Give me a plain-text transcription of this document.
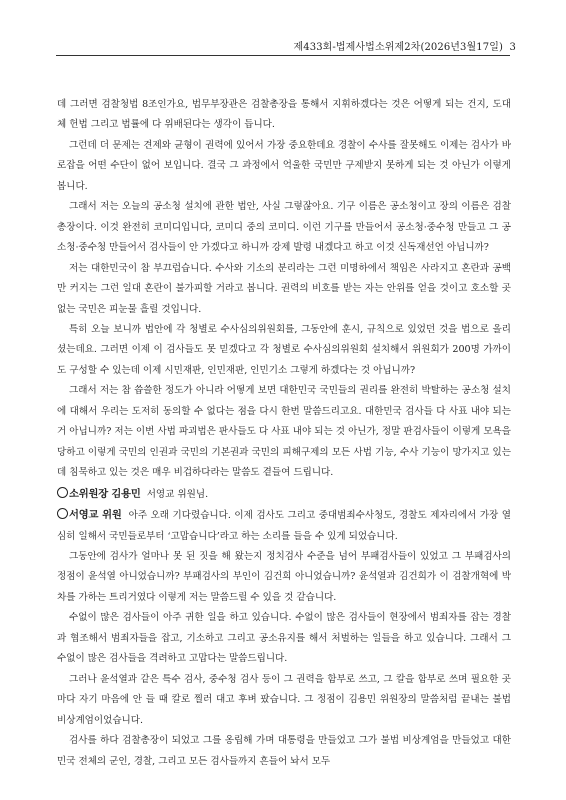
제433회-법제사법소위제2차(2026년3월17일) 3

데 그러면 검찰청법 8조인가요, 법무부장관은 검찰총장을 통해서 지휘하겠다는 것은 어떻게 되는 건지, 도대체 헌법 그리고 법률에 다 위배된다는 생각이 듭니다.

그런데 더 문제는 견제와 균형이 권력에 있어서 가장 중요한데요 경찰이 수사를 잘못해도 이제는 검사가 바로잡을 어떤 수단이 없어 보입니다. 결국 그 과정에서 억울한 국민만 구제받지 못하게 되는 것 아닌가 이렇게 봅니다.

그래서 저는 오늘의 공소청 설치에 관한 법안, 사실 그렇잖아요. 기구 이름은 공소청이고 장의 이름은 검찰총장이다. 이것 완전히 코미디입니다, 코미디 중의 코미디. 이런 기구를 만들어서 공소청·중수청 만들고 그 공소청·중수청 만들어서 검사들이 안 가겠다고 하니까 강제 발령 내겠다고 하고 이것 신독재선언 아닙니까?

저는 대한민국이 참 부끄럽습니다. 수사와 기소의 분리라는 그런 미명하에서 책임은 사라지고 혼란과 공백만 커지는 그런 일대 혼란이 불가피할 거라고 봅니다. 권력의 비호를 받는 자는 안위를 얻을 것이고 호소할 곳 없는 국민은 피눈물 흘릴 것입니다.

특히 오늘 보니까 법안에 각 청별로 수사심의위원회를, 그동안에 훈시, 규칙으로 있었던 것을 법으로 올리셨는데요. 그러면 이제 이 검사들도 못 믿겠다고 각 청별로 수사심의위원회 설치해서 위원회가 200명 가까이도 구성할 수 있는데 이제 시민재판, 인민재판, 인민기소 그렇게 하겠다는 것 아닙니까?

그래서 저는 참 씁쓸한 정도가 아니라 어떻게 보면 대한민국 국민들의 권리를 완전히 박탈하는 공소청 설치에 대해서 우리는 도저히 동의할 수 없다는 점을 다시 한번 말씀드리고요. 대한민국 검사들 다 사표 내야 되는 거 아닙니까? 저는 이번 사법 파괴법은 판사들도 다 사표 내야 되는 것 아닌가, 정말 판검사들이 이렇게 모욕을 당하고 이렇게 국민의 인권과 국민의 기본권과 국민의 피해구제의 모든 사법 기능, 수사 기능이 망가지고 있는데 침묵하고 있는 것은 매우 비겁하다라는 말씀도 곁들여 드립니다.

소위원장 김용민 서영교 위원님.

서영교 위원 아주 오래 기다렸습니다. 이제 검사도 그리고 중대범죄수사청도, 경찰도 제자리에서 가장 열심히 일해서 국민들로부터 ‘고맙습니다’라고 하는 소리를 들을 수 있게 되었습니다.

그동안에 검사가 얼마나 못 된 짓을 해 왔는지 정치검사 수준을 넘어 부패검사들이 있었고 그 부패검사의 정점이 윤석열 아니었습니까? 부패검사의 부인이 김건희 아니었습니까? 윤석열과 김건희가 이 검찰개혁에 박차를 가하는 트리거였다 이렇게 저는 말씀드릴 수 있을 것 같습니다.

수없이 많은 검사들이 아주 귀한 일을 하고 있습니다. 수없이 많은 검사들이 현장에서 범죄자를 잡는 경찰과 협조해서 범죄자들을 잡고, 기소하고 그리고 공소유지를 해서 처벌하는 일들을 하고 있습니다. 그래서 그 수없이 많은 검사들을 격려하고 고맙다는 말씀드립니다.

그러나 윤석열과 같은 특수 검사, 중수청 검사 등이 그 권력을 함부로 쓰고, 그 칼을 함부로 쓰며 필요한 곳마다 자기 마음에 안 들 때 칼로 찔러 대고 후벼 팠습니다. 그 정점이 김용민 위원장의 말씀처럼 끝내는 불법 비상계엄이었습니다.

검사를 하다 검찰총장이 되었고 그를 옹립해 가며 대통령을 만들었고 그가 불법 비상계엄을 만들었고 대한민국 전체의 군인, 경찰, 그리고 모든 검사들까지 흔들어 놔서 모두
